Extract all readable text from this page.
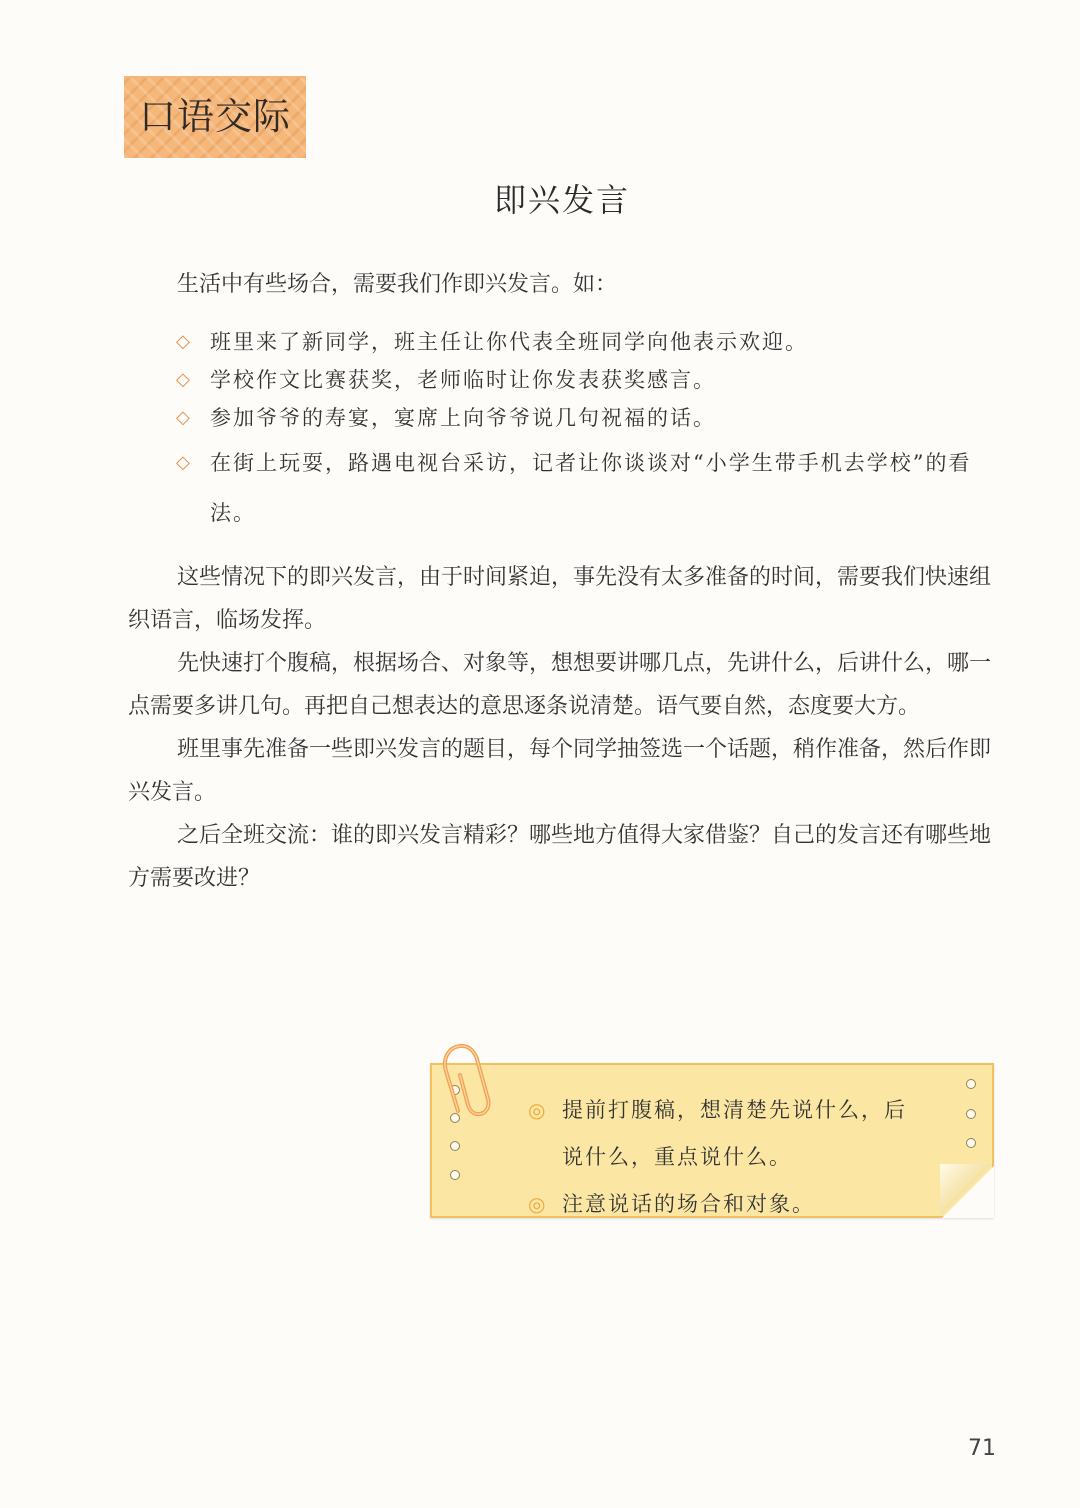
口语交际
即兴发言

生活中有些场合，需要我们作即兴发言。如：

◇ 班里来了新同学，班主任让你代表全班同学向他表示欢迎。
◇ 学校作文比赛获奖，老师临时让你发表获奖感言。
◇ 参加爷爷的寿宴，宴席上向爷爷说几句祝福的话。
◇ 在街上玩耍，路遇电视台采访，记者让你谈谈对“小学生带手机去学校”的看法。

这些情况下的即兴发言，由于时间紧迫，事先没有太多准备的时间，需要我们快速组织语言，临场发挥。

先快速打个腹稿，根据场合、对象等，想想要讲哪几点，先讲什么，后讲什么，哪一点需要多讲几句。再把自己想表达的意思逐条说清楚。语气要自然，态度要大方。

班里事先准备一些即兴发言的题目，每个同学抽签选一个话题，稍作准备，然后作即兴发言。

之后全班交流：谁的即兴发言精彩？哪些地方值得大家借鉴？自己的发言还有哪些地方需要改进？

◎ 提前打腹稿，想清楚先说什么，后说什么，重点说什么。
◎ 注意说话的场合和对象。
71
